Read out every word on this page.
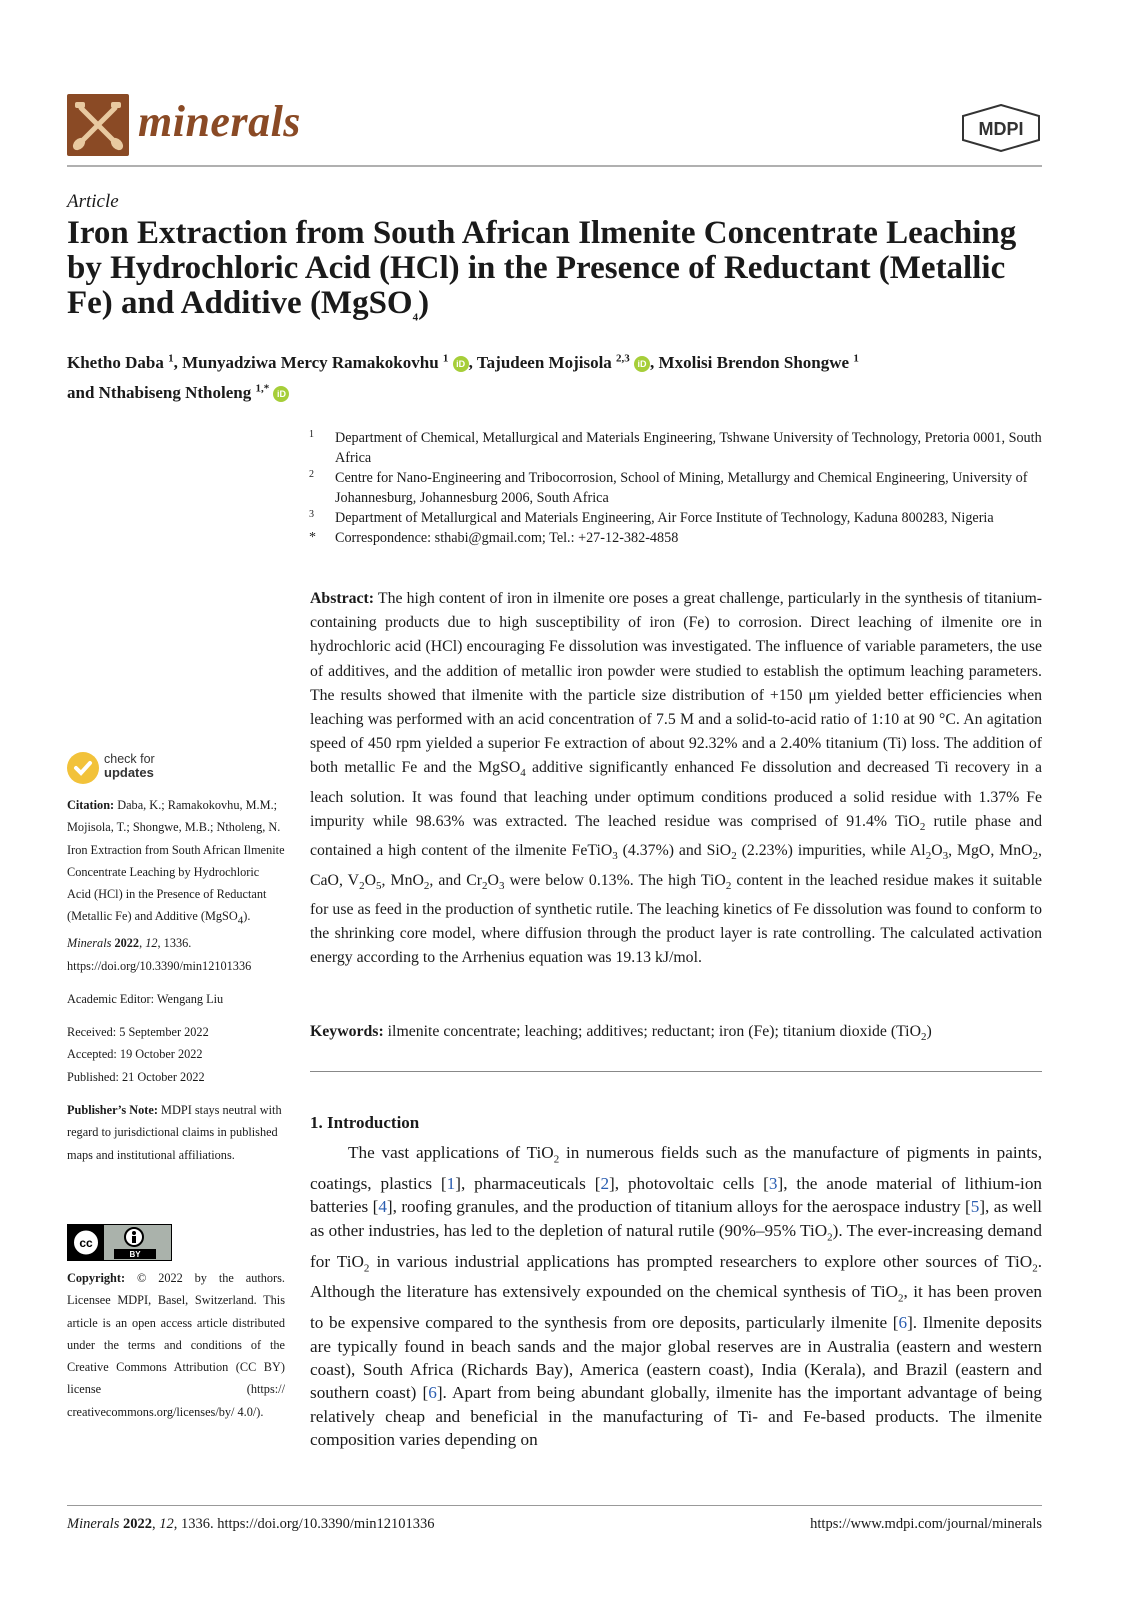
minerals	MDPI
Article
Iron Extraction from South African Ilmenite Concentrate Leaching by Hydrochloric Acid (HCl) in the Presence of Reductant (Metallic Fe) and Additive (MgSO$_4$)
Khetho Daba $^1$, Munyadziwa Mercy Ramakokovhu $^1$ iD , Tajudeen Mojisola $^{2,3}$ iD , Mxolisi Brendon Shongwe $^1$
and Nthabiseng Ntholeng $^{1,*}$ iD
1 Department of Chemical, Metallurgical and Materials Engineering, Tshwane University of Technology, Pretoria 0001, South Africa
2 Centre for Nano-Engineering and Tribocorrosion, School of Mining, Metallurgy and Chemical Engineering, University of Johannesburg, Johannesburg 2006, South Africa
3 Department of Metallurgical and Materials Engineering, Air Force Institute of Technology, Kaduna 800283, Nigeria
* Correspondence: sthabi@gmail.com; Tel.: +27-12-382-4858
Abstract: The high content of iron in ilmenite ore poses a great challenge, particularly in the synthesis of titanium-containing products due to high susceptibility of iron (Fe) to corrosion. Direct leaching of ilmenite ore in hydrochloric acid (HCl) encouraging Fe dissolution was investigated. The influence of variable parameters, the use of additives, and the addition of metallic iron powder were studied to establish the optimum leaching parameters. The results showed that ilmenite with the particle size distribution of +150 μm yielded better efficiencies when leaching was performed with an acid concentration of 7.5 M and a solid-to-acid ratio of 1:10 at 90 °C. An agitation speed of 450 rpm yielded a superior Fe extraction of about 92.32% and a 2.40% titanium (Ti) loss. The addition of both metallic Fe and the MgSO$_4$ additive significantly enhanced Fe dissolution and decreased Ti recovery in a leach solution. It was found that leaching under optimum conditions produced a solid residue with 1.37% Fe impurity while 98.63% was extracted. The leached residue was comprised of 91.4% TiO$_2$ rutile phase and contained a high content of the ilmenite FeTiO$_3$ (4.37%) and SiO$_2$ (2.23%) impurities, while $Al_2O_3$, MgO, MnO$_2$, CaO, $V_2O_5$, MnO$_2$, and $Cr_2O_3$ were below 0.13%. The high TiO$_2$ content in the leached residue makes it suitable for use as feed in the production of synthetic rutile. The leaching kinetics of Fe dissolution was found to conform to the shrinking core model, where diffusion through the product layer is rate controlling. The calculated activation energy according to the Arrhenius equation was 19.13 kJ/mol.
Keywords: ilmenite concentrate; leaching; additives; reductant; iron (Fe); titanium dioxide (TiO$_2$)
check for
updates

Citation: Daba, K.; Ramakokovhu, M.M.; Mojisola, T.; Shongwe, M.B.; Ntholeng, N. Iron Extraction from South African Ilmenite Concentrate Leaching by Hydrochloric Acid (HCl) in the Presence of Reductant (Metallic Fe) and Additive (MgSO$_4$). Minerals 2022, 12, 1336. https://doi.org/10.3390/min12101336

Academic Editor: Wengang Liu

Received: 5 September 2022
Accepted: 19 October 2022
Published: 21 October 2022

Publisher’s Note: MDPI stays neutral with regard to jurisdictional claims in published maps and institutional affiliations.

cc
BY
Copyright: © 2022 by the authors. Licensee MDPI, Basel, Switzerland. This article is an open access article distributed under the terms and conditions of the Creative Commons Attribution (CC BY) license (https:// creativecommons.org/licenses/by/ 4.0/).
1. Introduction
The vast applications of TiO$_2$ in numerous fields such as the manufacture of pigments in paints, coatings, plastics [1], pharmaceuticals [2], photovoltaic cells [3], the anode material of lithium-ion batteries [4], roofing granules, and the production of titanium alloys for the aerospace industry [5], as well as other industries, has led to the depletion of natural rutile (90%–95% TiO$_2$). The ever-increasing demand for TiO$_2$ in various industrial applications has prompted researchers to explore other sources of TiO$_2$. Although the literature has extensively expounded on the chemical synthesis of TiO$_2$, it has been proven to be expensive compared to the synthesis from ore deposits, particularly ilmenite [6]. Ilmenite deposits are typically found in beach sands and the major global reserves are in Australia (eastern and western coast), South Africa (Richards Bay), America (eastern coast), India (Kerala), and Brazil (eastern and southern coast) [6]. Apart from being abundant globally, ilmenite has the important advantage of being relatively cheap and beneficial in the manufacturing of Ti- and Fe-based products. The ilmenite composition varies depending on
Minerals 2022, 12, 1336. https://doi.org/10.3390/min12101336	https://www.mdpi.com/journal/minerals
